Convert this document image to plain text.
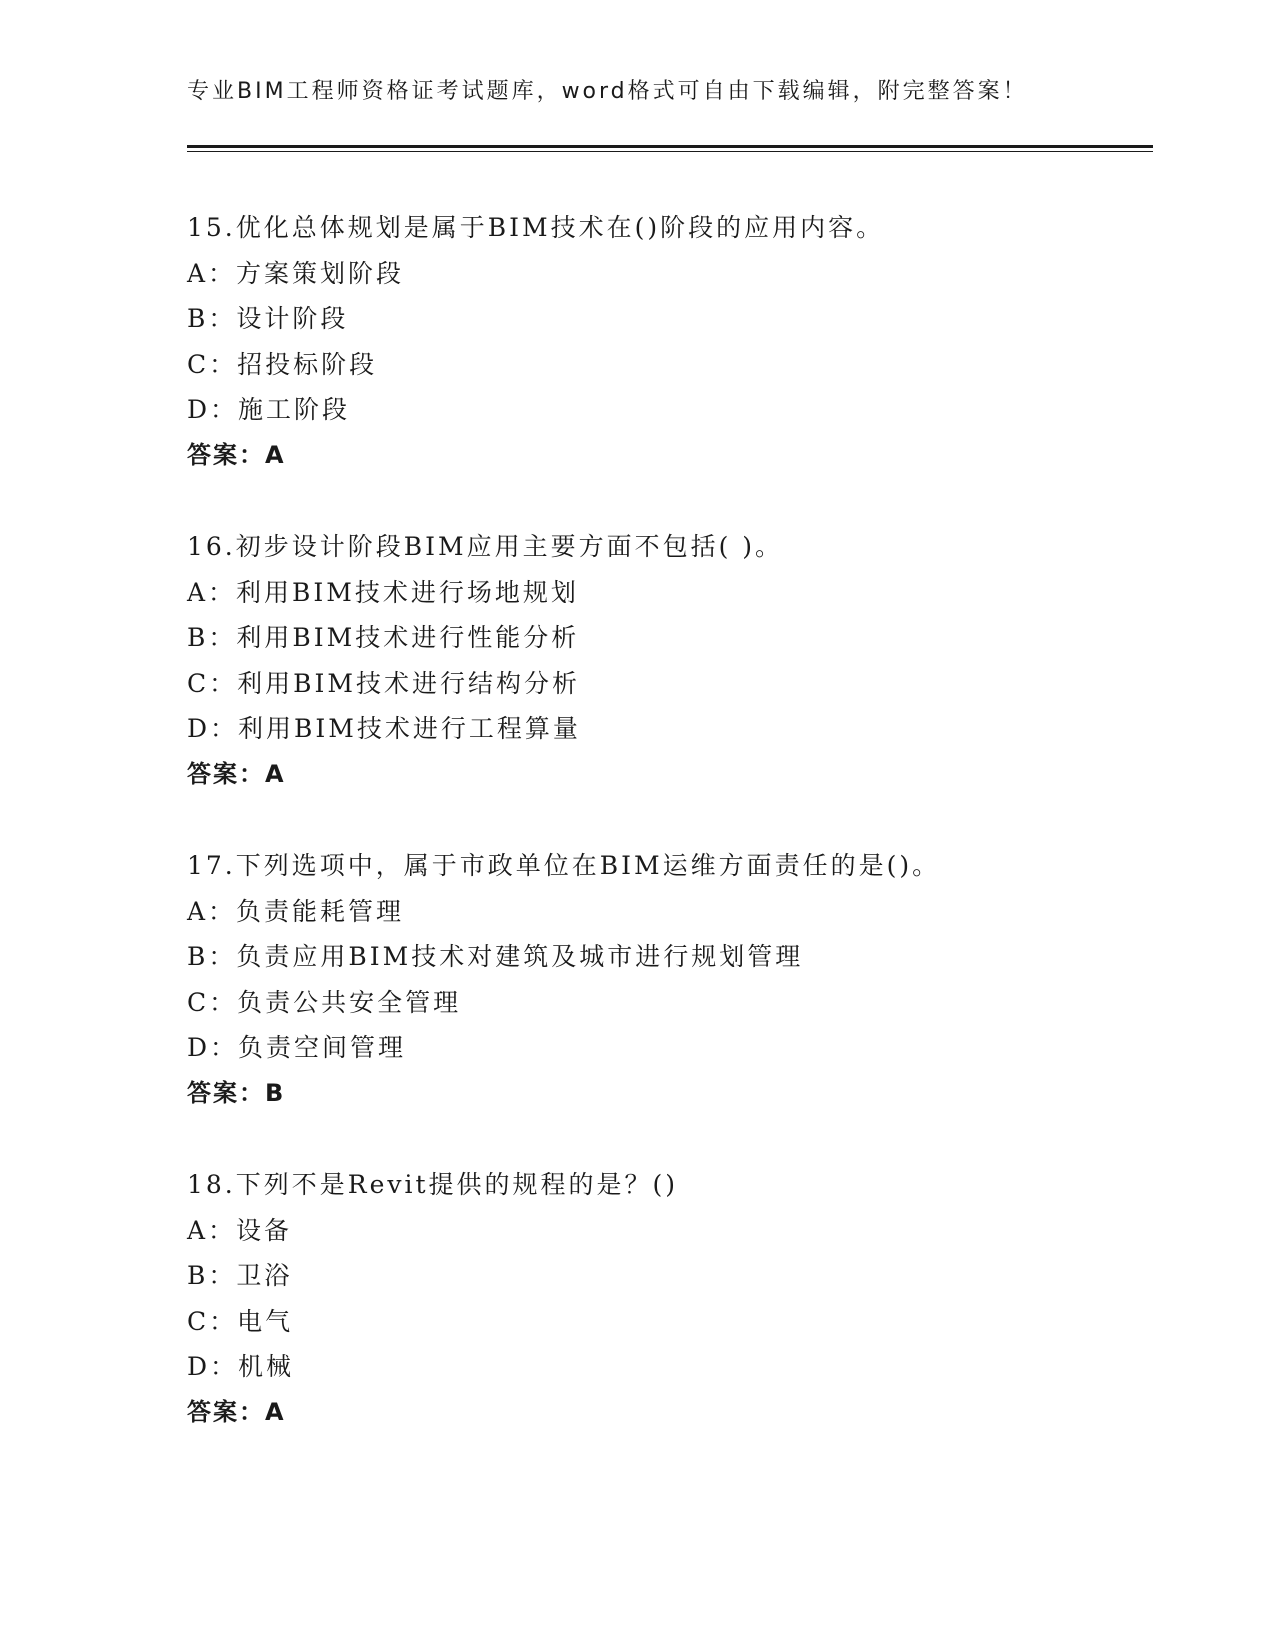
专业BIM工程师资格证考试题库，word格式可自由下载编辑，附完整答案！
15.优化总体规划是属于BIM技术在()阶段的应用内容。
A：方案策划阶段
B：设计阶段
C：招投标阶段
D：施工阶段
答案：A
16.初步设计阶段BIM应用主要方面不包括( )。
A：利用BIM技术进行场地规划
B：利用BIM技术进行性能分析
C：利用BIM技术进行结构分析
D：利用BIM技术进行工程算量
答案：A
17.下列选项中，属于市政单位在BIM运维方面责任的是()。
A：负责能耗管理
B：负责应用BIM技术对建筑及城市进行规划管理
C：负责公共安全管理
D：负责空间管理
答案：B
18.下列不是Revit提供的规程的是？()
A：设备
B：卫浴
C：电气
D：机械
答案：A
